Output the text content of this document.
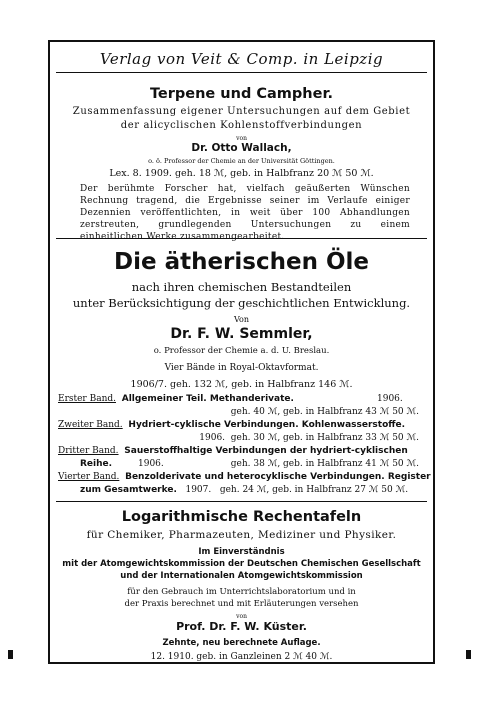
Verlag von Veit & Comp. in Leipzig
Terpene und Campher.
Zusammenfassung eigener Untersuchungen auf dem Gebiet
der alicyclischen Kohlenstoffverbindungen
von
Dr. Otto Wallach,
o. ö. Professor der Chemie an der Universität Göttingen.
Lex. 8. 1909. geh. 18 ℳ, geb. in Halbfranz 20 ℳ 50 ℳ.
Der berühmte Forscher hat, vielfach geäußerten Wünschen Rechnung tragend, die Ergebnisse seiner im Verlaufe einiger Dezennien veröffentlichten, in weit über 100 Abhandlungen zerstreuten, grundlegenden Untersuchungen zu einem einheitlichen Werke zusammengearbeitet.
Die ätherischen Öle
nach ihren chemischen Bestandteilen
unter Berücksichtigung der geschichtlichen Entwicklung.
Von
Dr. F. W. Semmler,
o. Professor der Chemie a. d. U. Breslau.
Vier Bände in Royal-Oktavformat.
1906/7. geh. 132 ℳ, geb. in Halbfranz 146 ℳ.
Erster Band. Allgemeiner Teil. Methanderivate.	1906.
geh. 40 ℳ, geb. in Halbfranz 43 ℳ 50 ℳ.
Zweiter Band. Hydriert-cyklische Verbindungen. Kohlenwasserstoffe.
1906. geh. 30 ℳ, geb. in Halbfranz 33 ℳ 50 ℳ.
Dritter Band. Sauerstoffhaltige Verbindungen der hydriert-cyklischen
Reihe.	1906.	geh. 38 ℳ, geb. in Halbfranz 41 ℳ 50 ℳ.
Vierter Band. Benzolderivate und heterocyklische Verbindungen. Register
zum Gesamtwerke. 1907. geh. 24 ℳ, geb. in Halbfranz 27 ℳ 50 ℳ.
Logarithmische Rechentafeln
für Chemiker, Pharmazeuten, Mediziner und Physiker.
Im Einverständnis
mit der Atomgewichtskommission der Deutschen Chemischen Gesellschaft
und der Internationalen Atomgewichtskommission
für den Gebrauch im Unterrichtslaboratorium und in
der Praxis berechnet und mit Erläuterungen versehen
von
Prof. Dr. F. W. Küster.
Zehnte, neu berechnete Auflage.
12. 1910. geb. in Ganzleinen 2 ℳ 40 ℳ.
